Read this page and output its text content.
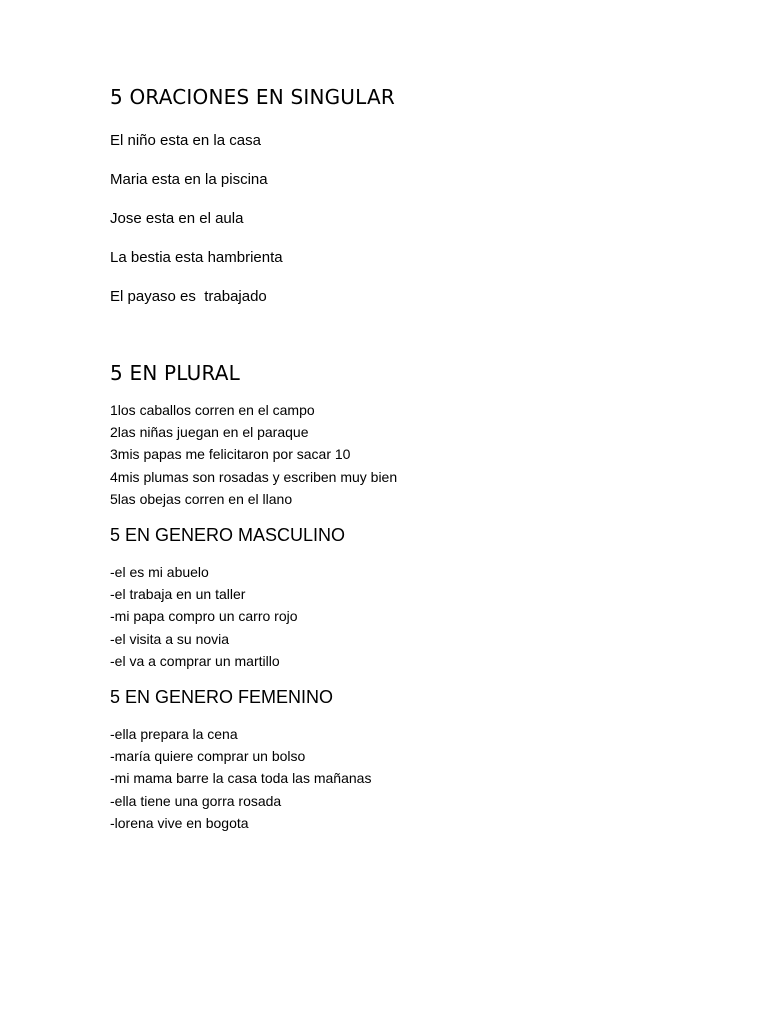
5 ORACIONES EN SINGULAR

El niño esta en la casa

Maria esta en la piscina

Jose esta en el aula

La bestia esta hambrienta

El payaso es  trabajado

5 EN PLURAL
1los caballos corren en el campo
2las niñas juegan en el paraque
3mis papas me felicitaron por sacar 10
4mis plumas son rosadas y escriben muy bien
5las obejas corren en el llano
5 EN GENERO MASCULINO
-el es mi abuelo
-el trabaja en un taller
-mi papa compro un carro rojo
-el visita a su novia
-el va a comprar un martillo
5 EN GENERO FEMENINO
-ella prepara la cena
-maría quiere comprar un bolso
-mi mama barre la casa toda las mañanas
-ella tiene una gorra rosada
-lorena vive en bogota
